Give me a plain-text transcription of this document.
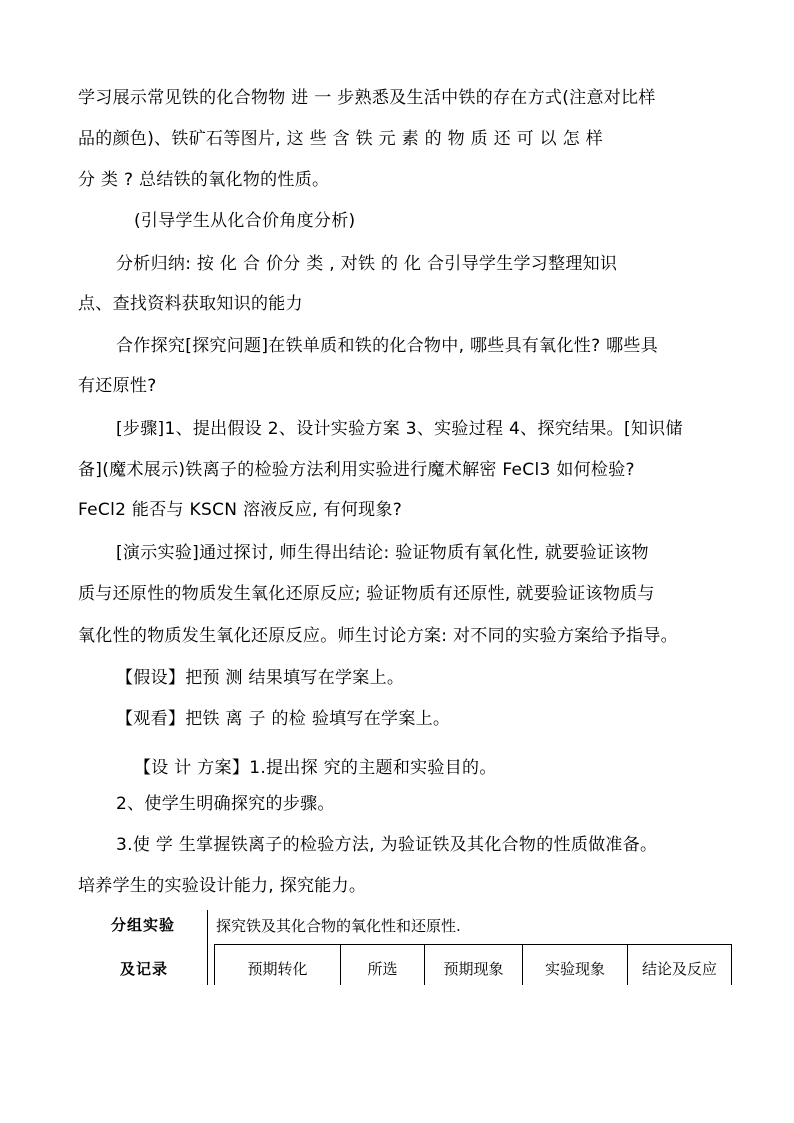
学习展示常见铁的化合物物 进 一 步熟悉及生活中铁的存在方式(注意对比样
品的颜色)、铁矿石等图片, 这 些 含 铁 元 素 的 物 质 还 可 以 怎 样
分 类 ? 总结铁的氧化物的性质。
(引导学生从化合价角度分析)
分析归纳: 按 化 合 价分 类 , 对铁 的 化 合引导学生学习整理知识
点、查找资料获取知识的能力
合作探究[探究问题]在铁单质和铁的化合物中, 哪些具有氧化性? 哪些具
有还原性?
[步骤]1、提出假设 2、设计实验方案 3、实验过程 4、探究结果。[知识储
备](魔术展示)铁离子的检验方法利用实验进行魔术解密 FeCl3 如何检验?
FeCl2 能否与 KSCN 溶液反应, 有何现象?
[演示实验]通过探讨, 师生得出结论: 验证物质有氧化性, 就要验证该物
质与还原性的物质发生氧化还原反应; 验证物质有还原性, 就要验证该物质与
氧化性的物质发生氧化还原反应。师生讨论方案: 对不同的实验方案给予指导。
【假设】把预 测 结果填写在学案上。
【观看】把铁 离 子 的检 验填写在学案上。
【设 计 方案】1.提出探 究的主题和实验目的。
2、使学生明确探究的步骤。
3.使 学 生掌握铁离子的检验方法, 为验证铁及其化合物的性质做准备。
培养学生的实验设计能力, 探究能力。
分组实验
及记录
探究铁及其化合物的氧化性和还原性.
预期转化	所选	预期现象	实验现象	结论及反应
